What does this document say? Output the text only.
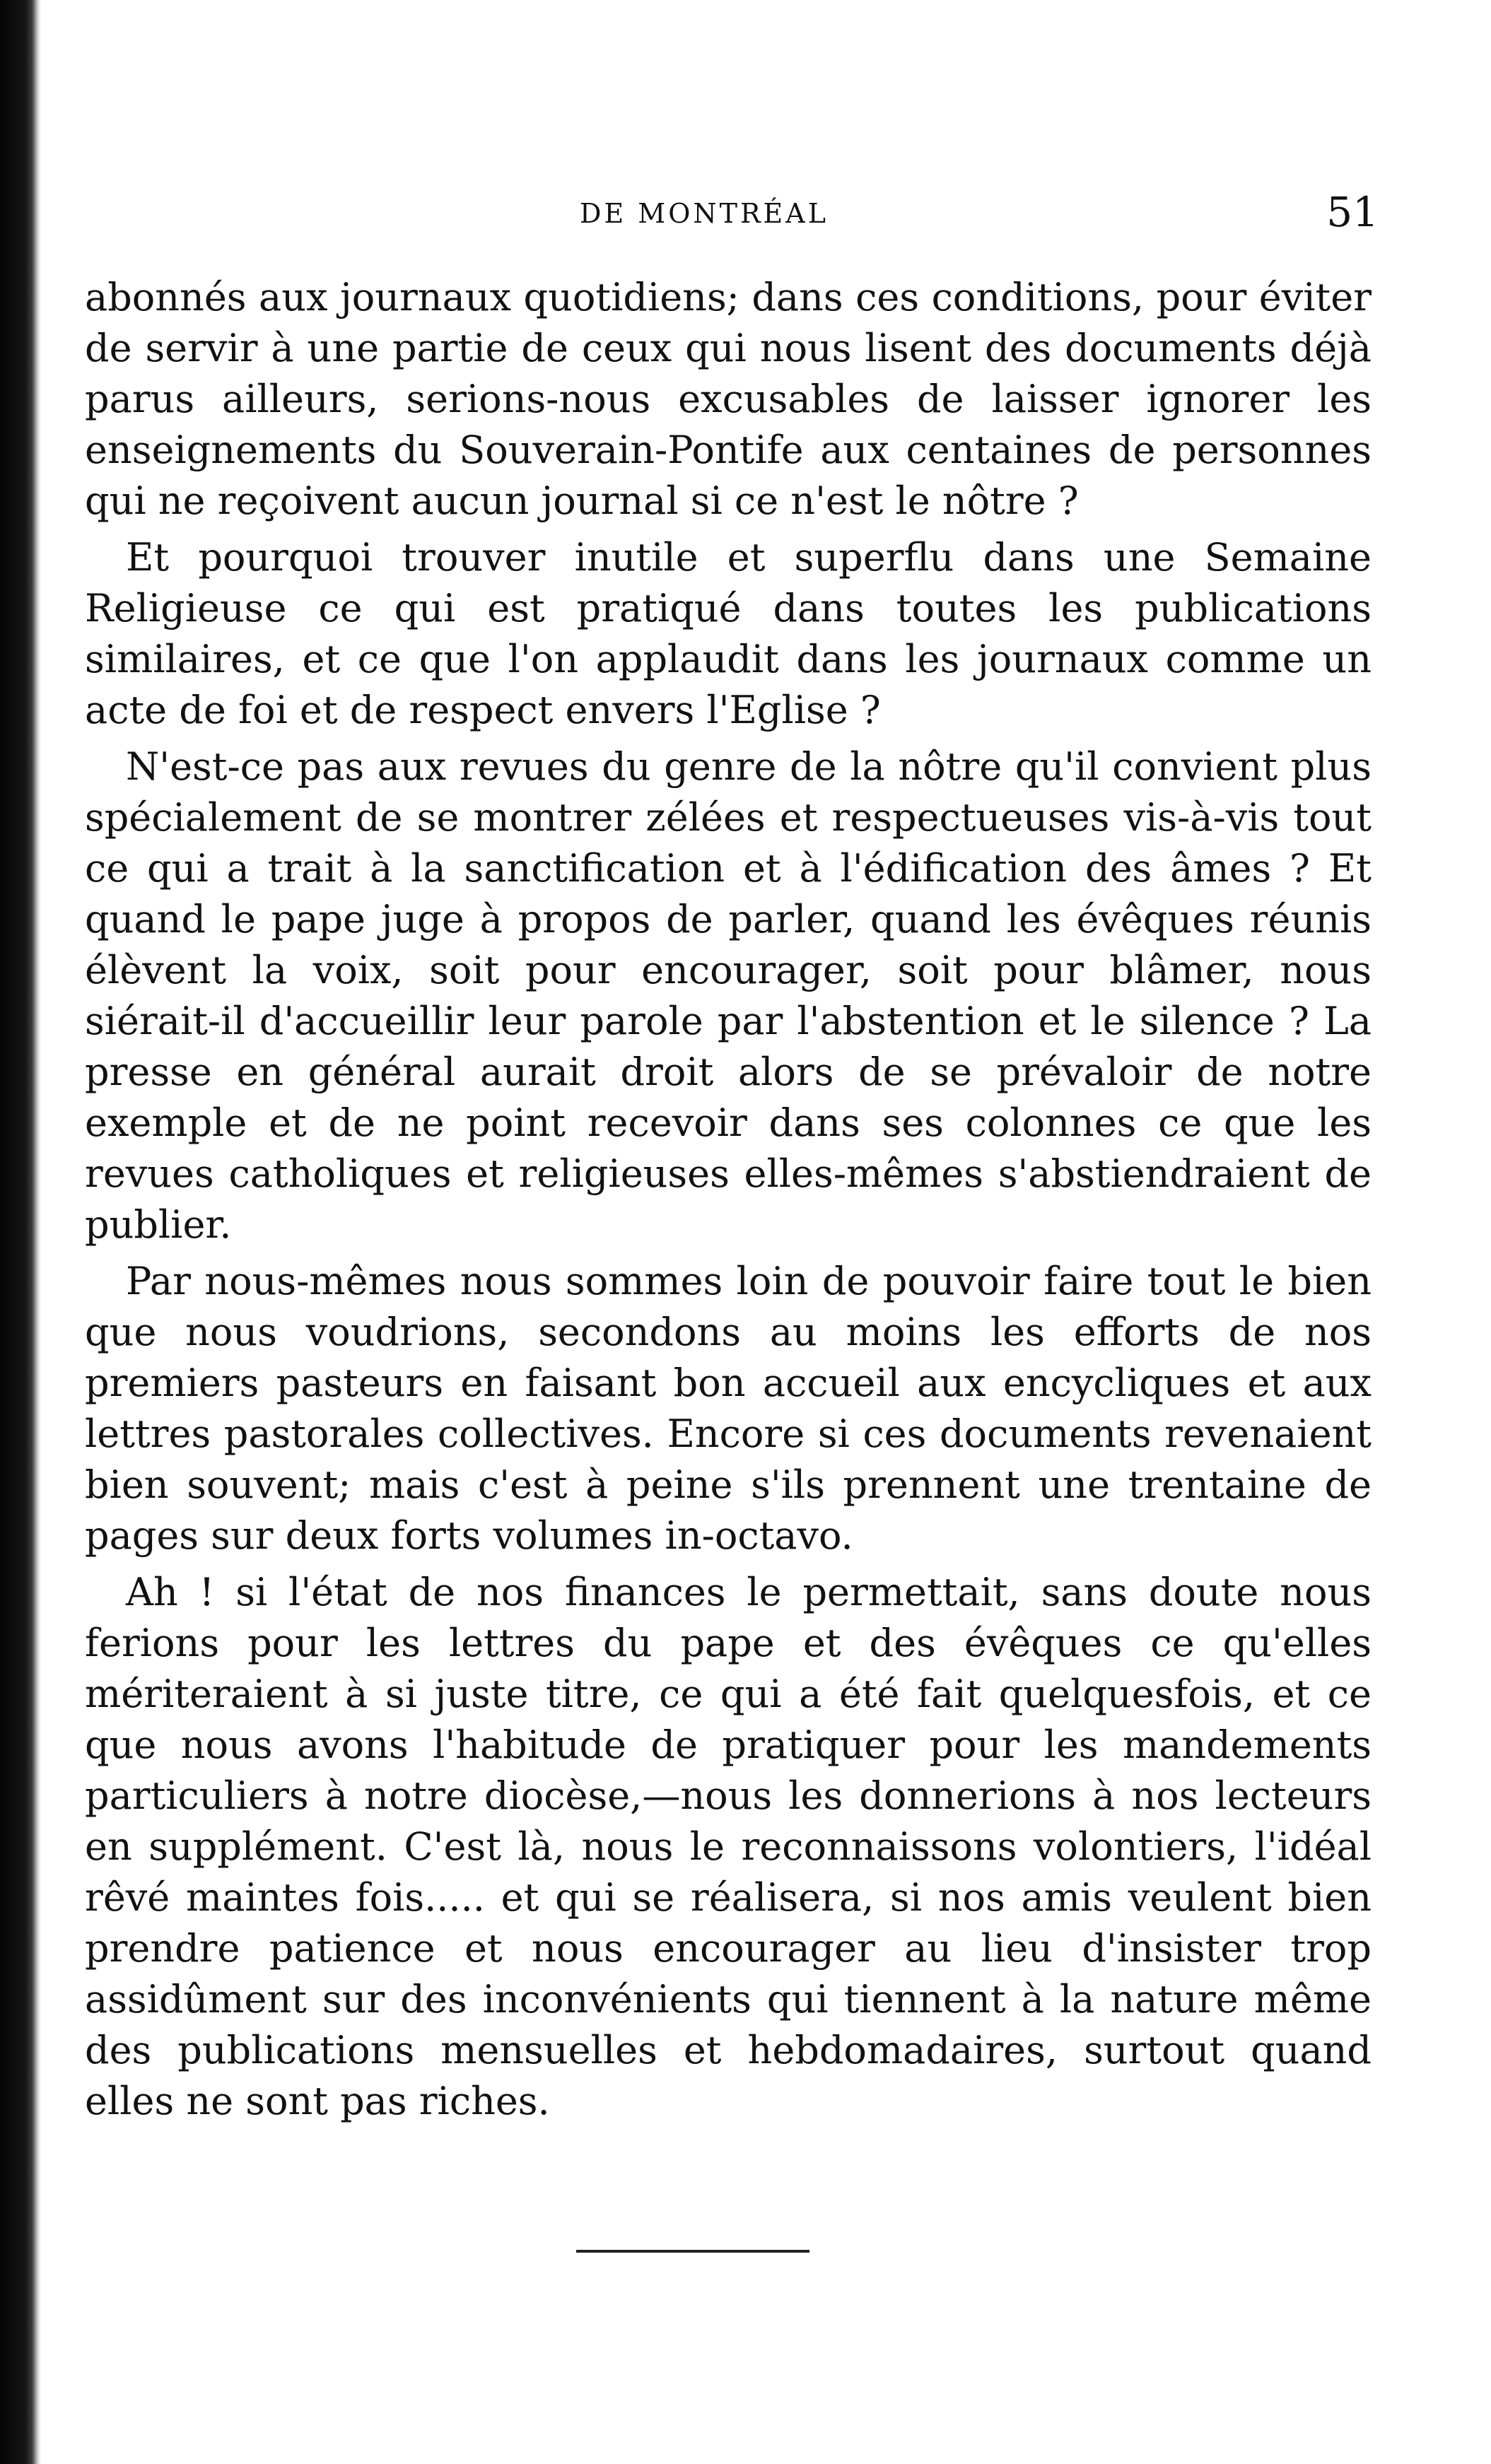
DE MONTRÉAL	51

abonnés aux journaux quotidiens; dans ces conditions, pour éviter de servir à une partie de ceux qui nous lisent des documents déjà parus ailleurs, serions-nous excusables de laisser ignorer les enseignements du Souverain-Pontife aux centaines de personnes qui ne reçoivent aucun journal si ce n'est le nôtre ?

Et pourquoi trouver inutile et superflu dans une Semaine Religieuse ce qui est pratiqué dans toutes les publications similaires, et ce que l'on applaudit dans les journaux comme un acte de foi et de respect envers l'Eglise ?

N'est-ce pas aux revues du genre de la nôtre qu'il convient plus spécialement de se montrer zélées et respectueuses vis-à-vis tout ce qui a trait à la sanctification et à l'édification des âmes ? Et quand le pape juge à propos de parler, quand les évêques réunis élèvent la voix, soit pour encourager, soit pour blâmer, nous siérait-il d'accueillir leur parole par l'abstention et le silence ? La presse en général aurait droit alors de se prévaloir de notre exemple et de ne point recevoir dans ses colonnes ce que les revues catholiques et religieuses elles-mêmes s'abstiendraient de publier.

Par nous-mêmes nous sommes loin de pouvoir faire tout le bien que nous voudrions, secondons au moins les efforts de nos premiers pasteurs en faisant bon accueil aux encycliques et aux lettres pastorales collectives. Encore si ces documents revenaient bien souvent; mais c'est à peine s'ils prennent une trentaine de pages sur deux forts volumes in-octavo.

Ah ! si l'état de nos finances le permettait, sans doute nous ferions pour les lettres du pape et des évêques ce qu'elles mériteraient à si juste titre, ce qui a été fait quelquesfois, et ce que nous avons l'habitude de pratiquer pour les mandements particuliers à notre diocèse,—nous les donnerions à nos lecteurs en supplément. C'est là, nous le reconnaissons volontiers, l'idéal rêvé maintes fois..... et qui se réalisera, si nos amis veulent bien prendre patience et nous encourager au lieu d'insister trop assidûment sur des inconvénients qui tiennent à la nature même des publications mensuelles et hebdomadaires, surtout quand elles ne sont pas riches.
